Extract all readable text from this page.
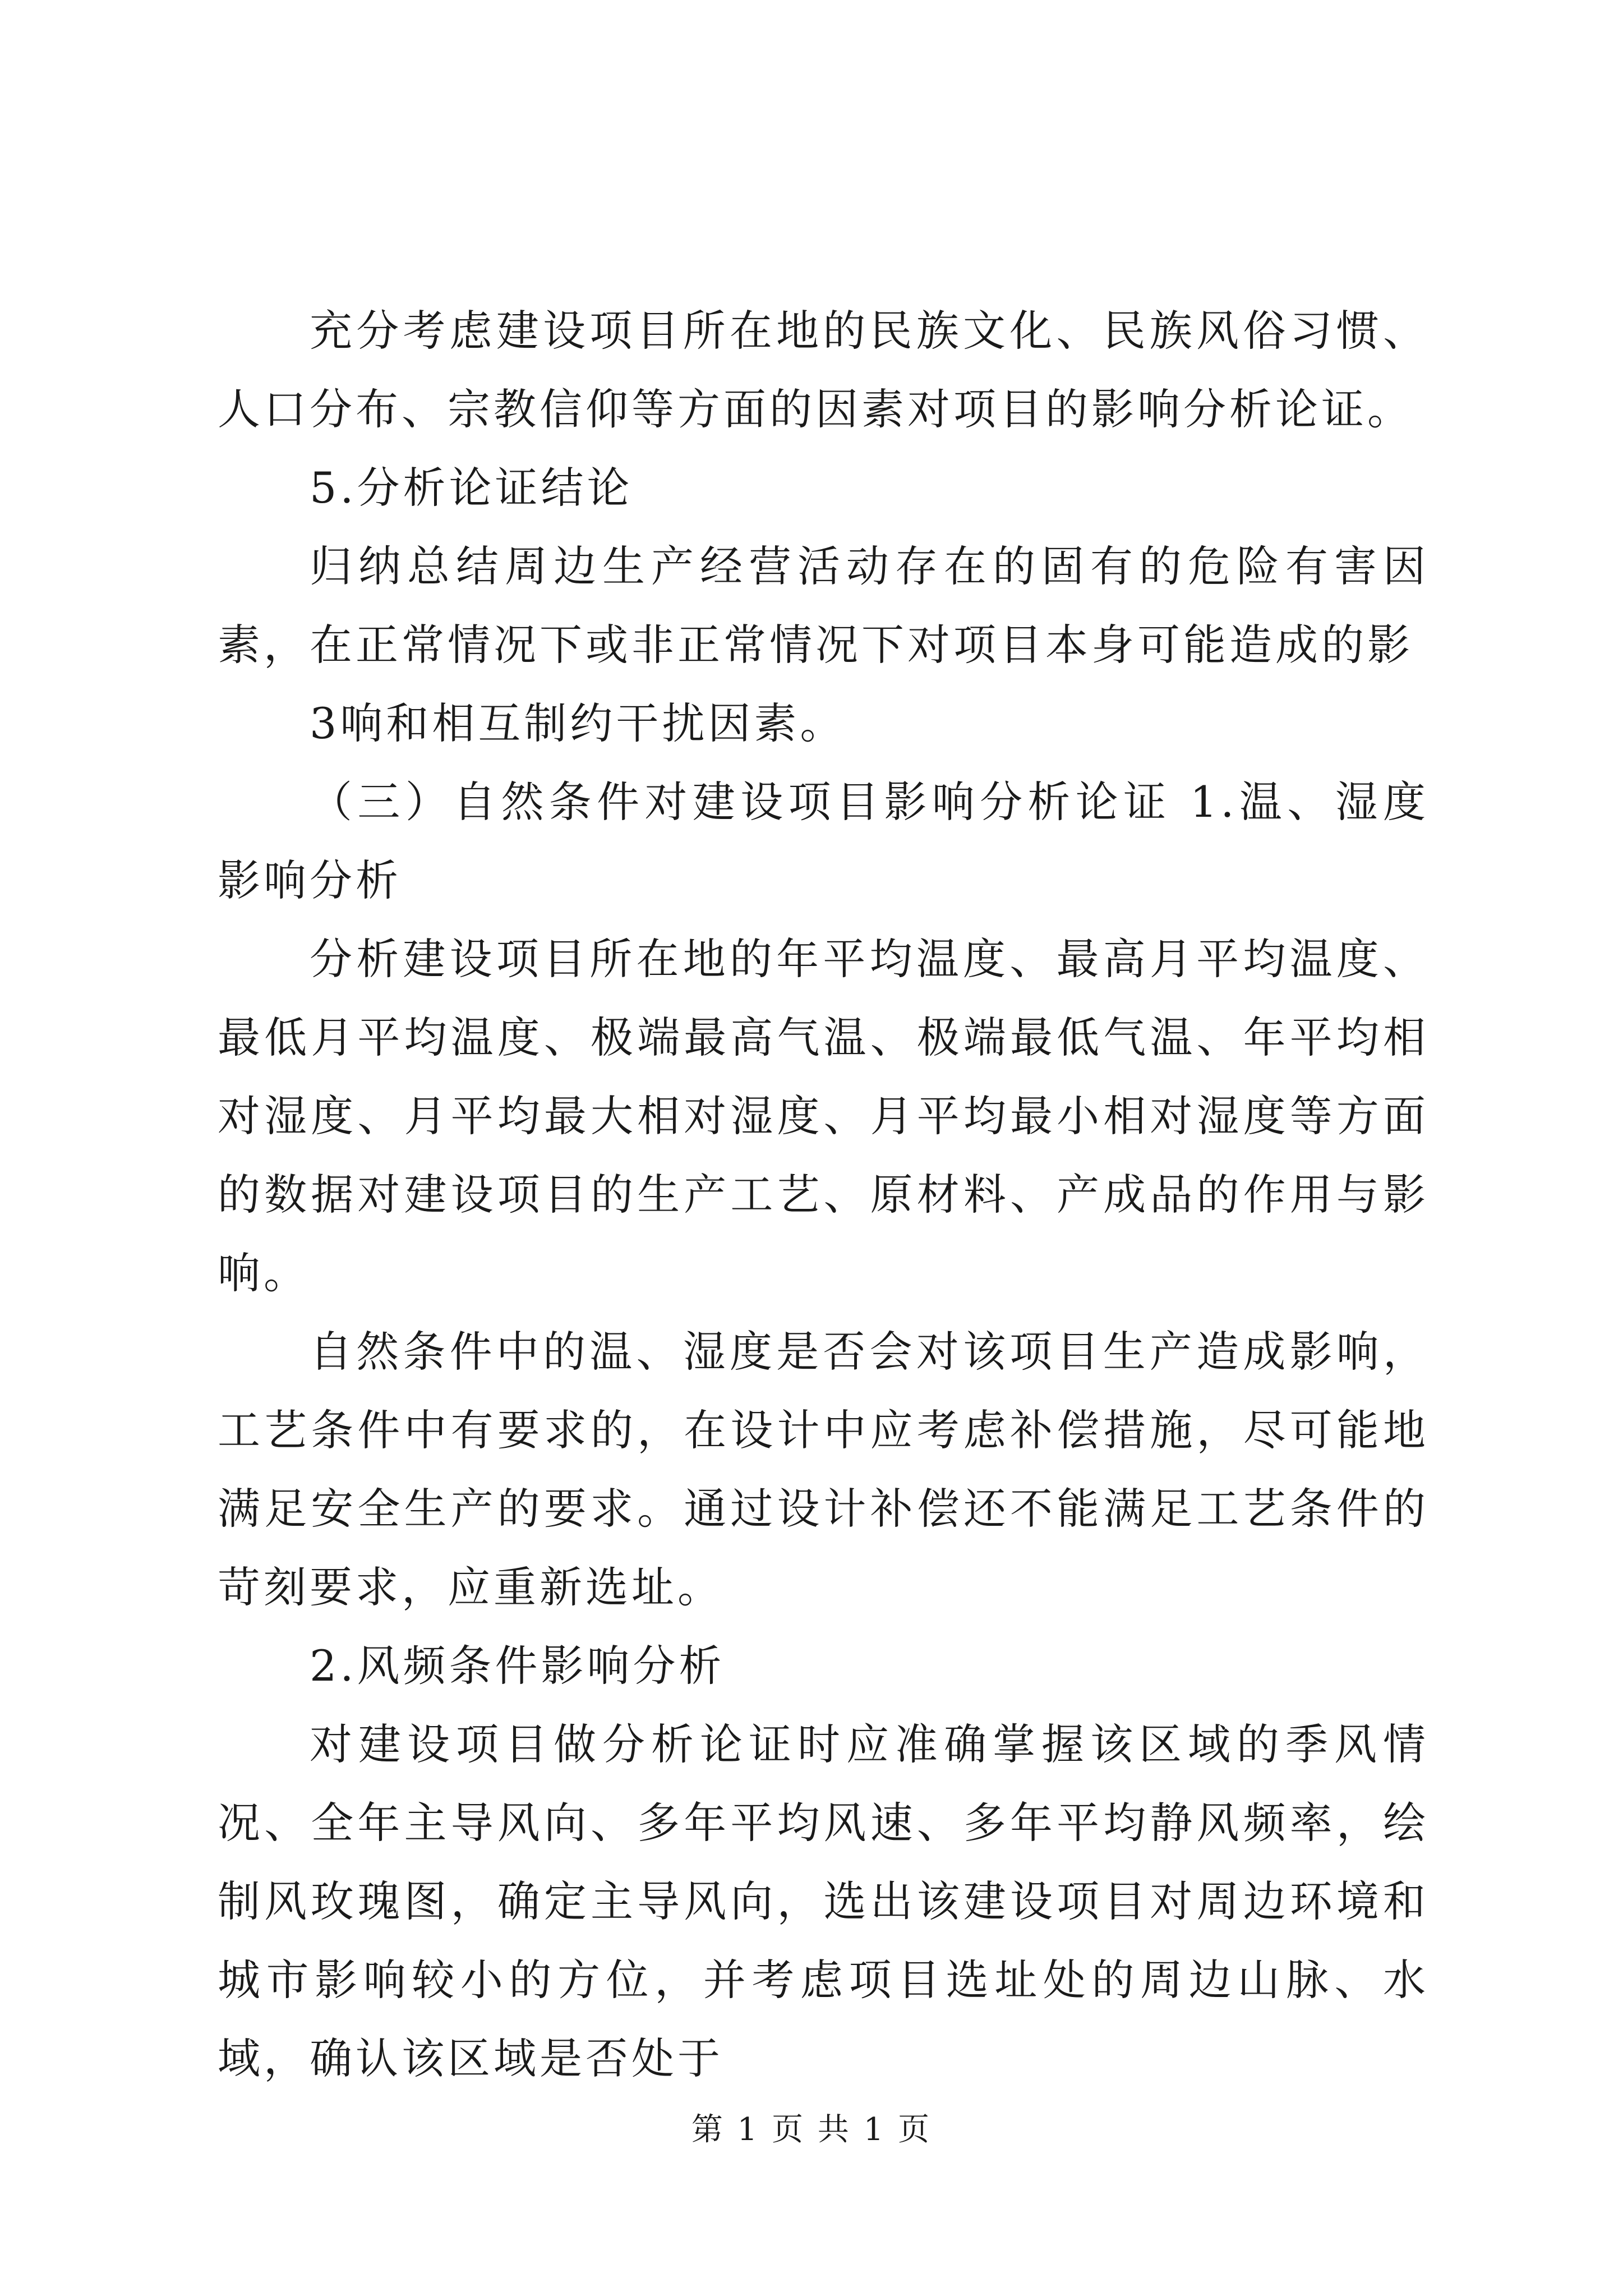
充分考虑建设项目所在地的民族文化、民族风俗习惯、人口分布、宗教信仰等方面的因素对项目的影响分析论证。

5.分析论证结论

归纳总结周边生产经营活动存在的固有的危险有害因素，在正常情况下或非正常情况下对项目本身可能造成的影

3响和相互制约干扰因素。

（三）自然条件对建设项目影响分析论证 1.温、湿度影响分析

分析建设项目所在地的年平均温度、最高月平均温度、最低月平均温度、极端最高气温、极端最低气温、年平均相对湿度、月平均最大相对湿度、月平均最小相对湿度等方面的数据对建设项目的生产工艺、原材料、产成品的作用与影响。

自然条件中的温、湿度是否会对该项目生产造成影响，工艺条件中有要求的，在设计中应考虑补偿措施，尽可能地满足安全生产的要求。通过设计补偿还不能满足工艺条件的苛刻要求，应重新选址。

2.风频条件影响分析

对建设项目做分析论证时应准确掌握该区域的季风情况、全年主导风向、多年平均风速、多年平均静风频率，绘制风玫瑰图，确定主导风向，选出该建设项目对周边环境和城市影响较小的方位，并考虑项目选址处的周边山脉、水域，确认该区域是否处于

第 1 页 共 1 页
